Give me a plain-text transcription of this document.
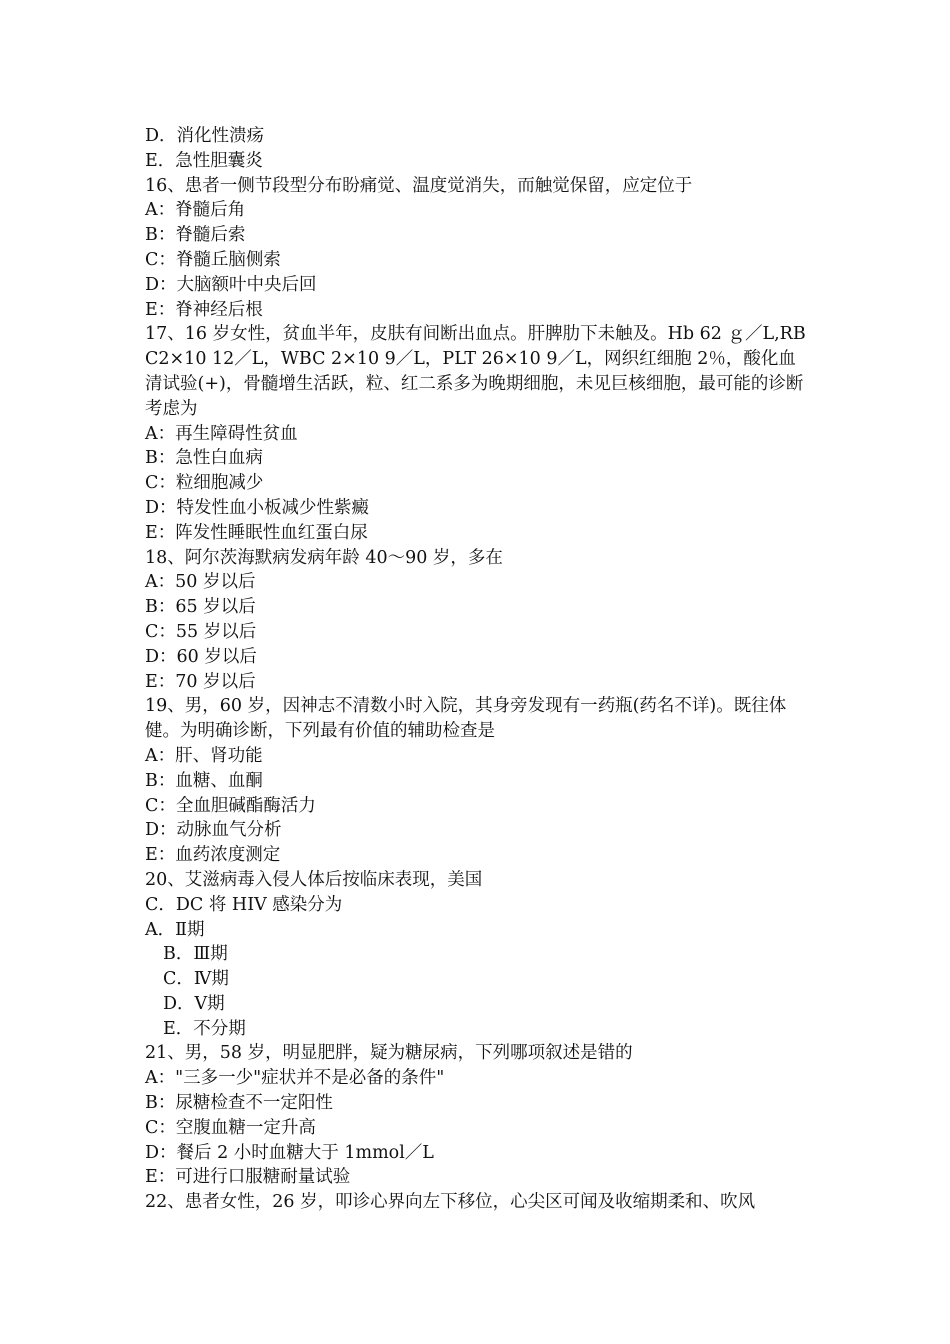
D．消化性溃疡

E．急性胆囊炎

16、患者一侧节段型分布盼痛觉、温度觉消失，而触觉保留，应定位于

A：脊髓后角

B：脊髓后索

C：脊髓丘脑侧索

D：大脑额叶中央后回

E：脊神经后根

17、16 岁女性，贫血半年，皮肤有间断出血点。肝脾肋下未触及。Hb 62 ｇ／L,RBC2×10 12／L，WBC 2×10 9／L，PLT 26×10 9／L，网织红细胞 2％，酸化血清试验(+)，骨髓增生活跃，粒、红二系多为晚期细胞，未见巨核细胞，最可能的诊断考虑为

A：再生障碍性贫血

B：急性白血病

C：粒细胞减少

D：特发性血小板减少性紫癜

E：阵发性睡眠性血红蛋白尿

18、阿尔茨海默病发病年龄 40～90 岁，多在

A：50 岁以后

B：65 岁以后

C：55 岁以后

D：60 岁以后

E：70 岁以后

19、男，60 岁，因神志不清数小时入院，其身旁发现有一药瓶(药名不详)。既往体健。为明确诊断，下列最有价值的辅助检查是

A：肝、肾功能

B：血糖、血酮

C：全血胆碱酯酶活力

D：动脉血气分析

E：血药浓度测定

20、艾滋病毒入侵人体后按临床表现，美国

C．DC 将 HIV 感染分为

A．Ⅱ期

B．Ⅲ期

C．Ⅳ期

D．Ⅴ期

E．不分期

21、男，58 岁，明显肥胖，疑为糖尿病，下列哪项叙述是错的

A："三多一少"症状并不是必备的条件"

B：尿糖检查不一定阳性

C：空腹血糖一定升高

D：餐后 2 小时血糖大于 1mmol／L

E：可进行口服糖耐量试验

22、患者女性，26 岁，叩诊心界向左下移位，心尖区可闻及收缩期柔和、吹风
